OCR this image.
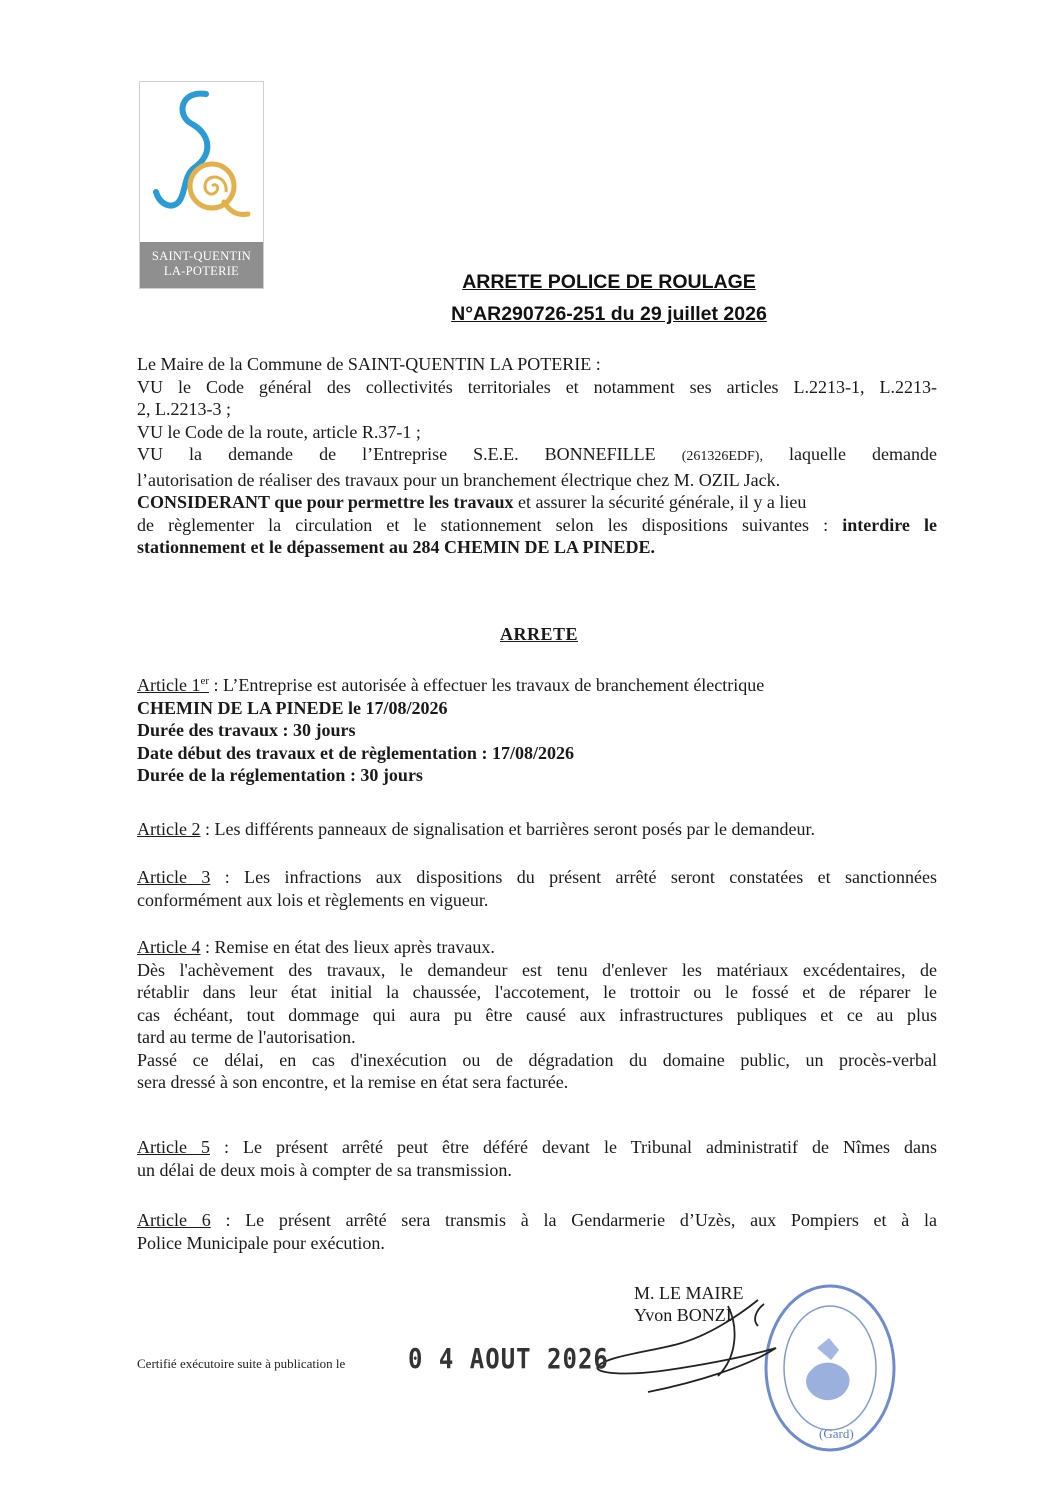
SAINT-QUENTIN
LA-POTERIE	ARRETE POLICE DE ROULAGE
N°AR290726-251 du 29 juillet 2026
Le Maire de la Commune de SAINT-QUENTIN LA POTERIE :
VU le Code général des collectivités territoriales et notamment ses articles L.2213-1, L.2213-
2, L.2213-3 ;
VU le Code de la route, article R.37-1 ;
VU la demande de l’Entreprise S.E.E. BONNEFILLE (261326EDF), laquelle demande
l’autorisation de réaliser des travaux pour un branchement électrique chez M. OZIL Jack.
CONSIDERANT que pour permettre les travaux et assurer la sécurité générale, il y a lieu
de règlementer la circulation et le stationnement selon les dispositions suivantes : interdire le
stationnement et le dépassement au 284 CHEMIN DE LA PINEDE.
ARRETE
Article 1er : L’Entreprise est autorisée à effectuer les travaux de branchement électrique
CHEMIN DE LA PINEDE le 17/08/2026
Durée des travaux : 30 jours
Date début des travaux et de règlementation : 17/08/2026
Durée de la réglementation : 30 jours
Article 2 : Les différents panneaux de signalisation et barrières seront posés par le demandeur.
Article 3 : Les infractions aux dispositions du présent arrêté seront constatées et sanctionnées
conformément aux lois et règlements en vigueur.
Article 4 : Remise en état des lieux après travaux.
Dès l'achèvement des travaux, le demandeur est tenu d'enlever les matériaux excédentaires, de
rétablir dans leur état initial la chaussée, l'accotement, le trottoir ou le fossé et de réparer le
cas échéant, tout dommage qui aura pu être causé aux infrastructures publiques et ce au plus
tard au terme de l'autorisation.
Passé ce délai, en cas d'inexécution ou de dégradation du domaine public, un procès-verbal
sera dressé à son encontre, et la remise en état sera facturée.
Article 5 : Le présent arrêté peut être déféré devant le Tribunal administratif de Nîmes dans
un délai de deux mois à compter de sa transmission.
Article 6 : Le présent arrêté sera transmis à la Gendarmerie d’Uzès, aux Pompiers et à la
Police Municipale pour exécution.
(Gard)
M. LE MAIRE
Yvon BONZI
Certifié exécutoire suite à publication le	0 4 AOUT 2026
